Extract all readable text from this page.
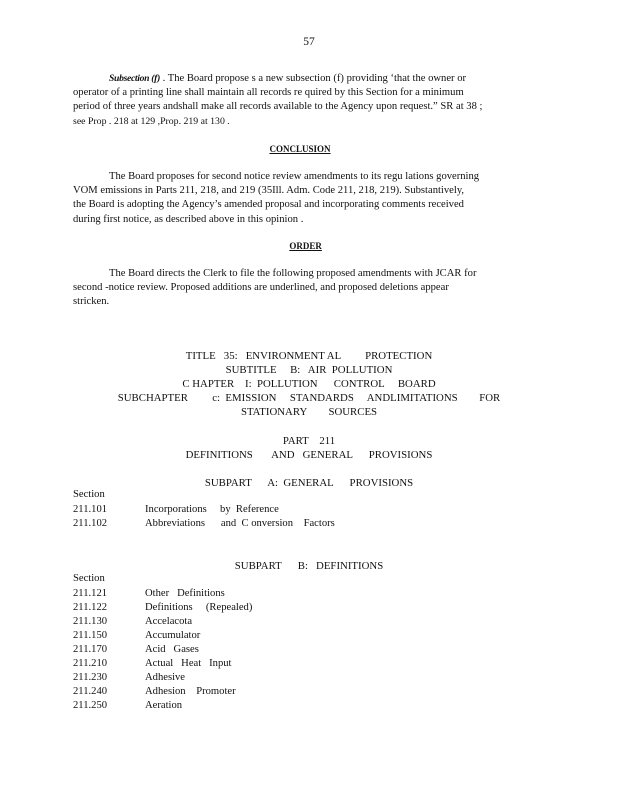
57

Subsection (f) . The Board propose s a new subsection (f) providing ‘that the owner or

operator of a printing line shall maintain all records re quired by this Section for a minimum

period of three years andshall make all records available to the Agency upon request.” SR at 38 ;

see Prop . 218 at 129 ,Prop. 219 at 130 .

CONCLUSION

The Board proposes for second notice review amendments to its regu lations governing

VOM emissions in Parts 211, 218, and 219 (35Ill. Adm. Code 211, 218, 219). Substantively,

the Board is adopting the Agency’s amended proposal and incorporating comments received

during first notice, as described above in this opinion .

ORDER

The Board directs the Clerk to file the following proposed amendments with JCAR for

second -notice review. Proposed additions are underlined, and proposed deletions appear

stricken.

TITLE   35:   ENVIRONMENT AL         PROTECTION
SUBTITLE     B:   AIR  POLLUTION
C HAPTER    I:  POLLUTION      CONTROL     BOARD
SUBCHAPTER         c:  EMISSION     STANDARDS     ANDLIMITATIONS        FOR
STATIONARY        SOURCES
PART    211
DEFINITIONS       AND   GENERAL      PROVISIONS
SUBPART      A:  GENERAL      PROVISIONS
Section
211.101	Incorporations     by  Reference
211.102	Abbreviations      and  C onversion    Factors
SUBPART      B:   DEFINITIONS
Section
211.121	Other   Definitions
211.122	Definitions     (Repealed)
211.130	Accelacota
211.150	Accumulator
211.170	Acid   Gases
211.210	Actual   Heat   Input
211.230	Adhesive
211.240	Adhesion    Promoter
211.250	Aeration
